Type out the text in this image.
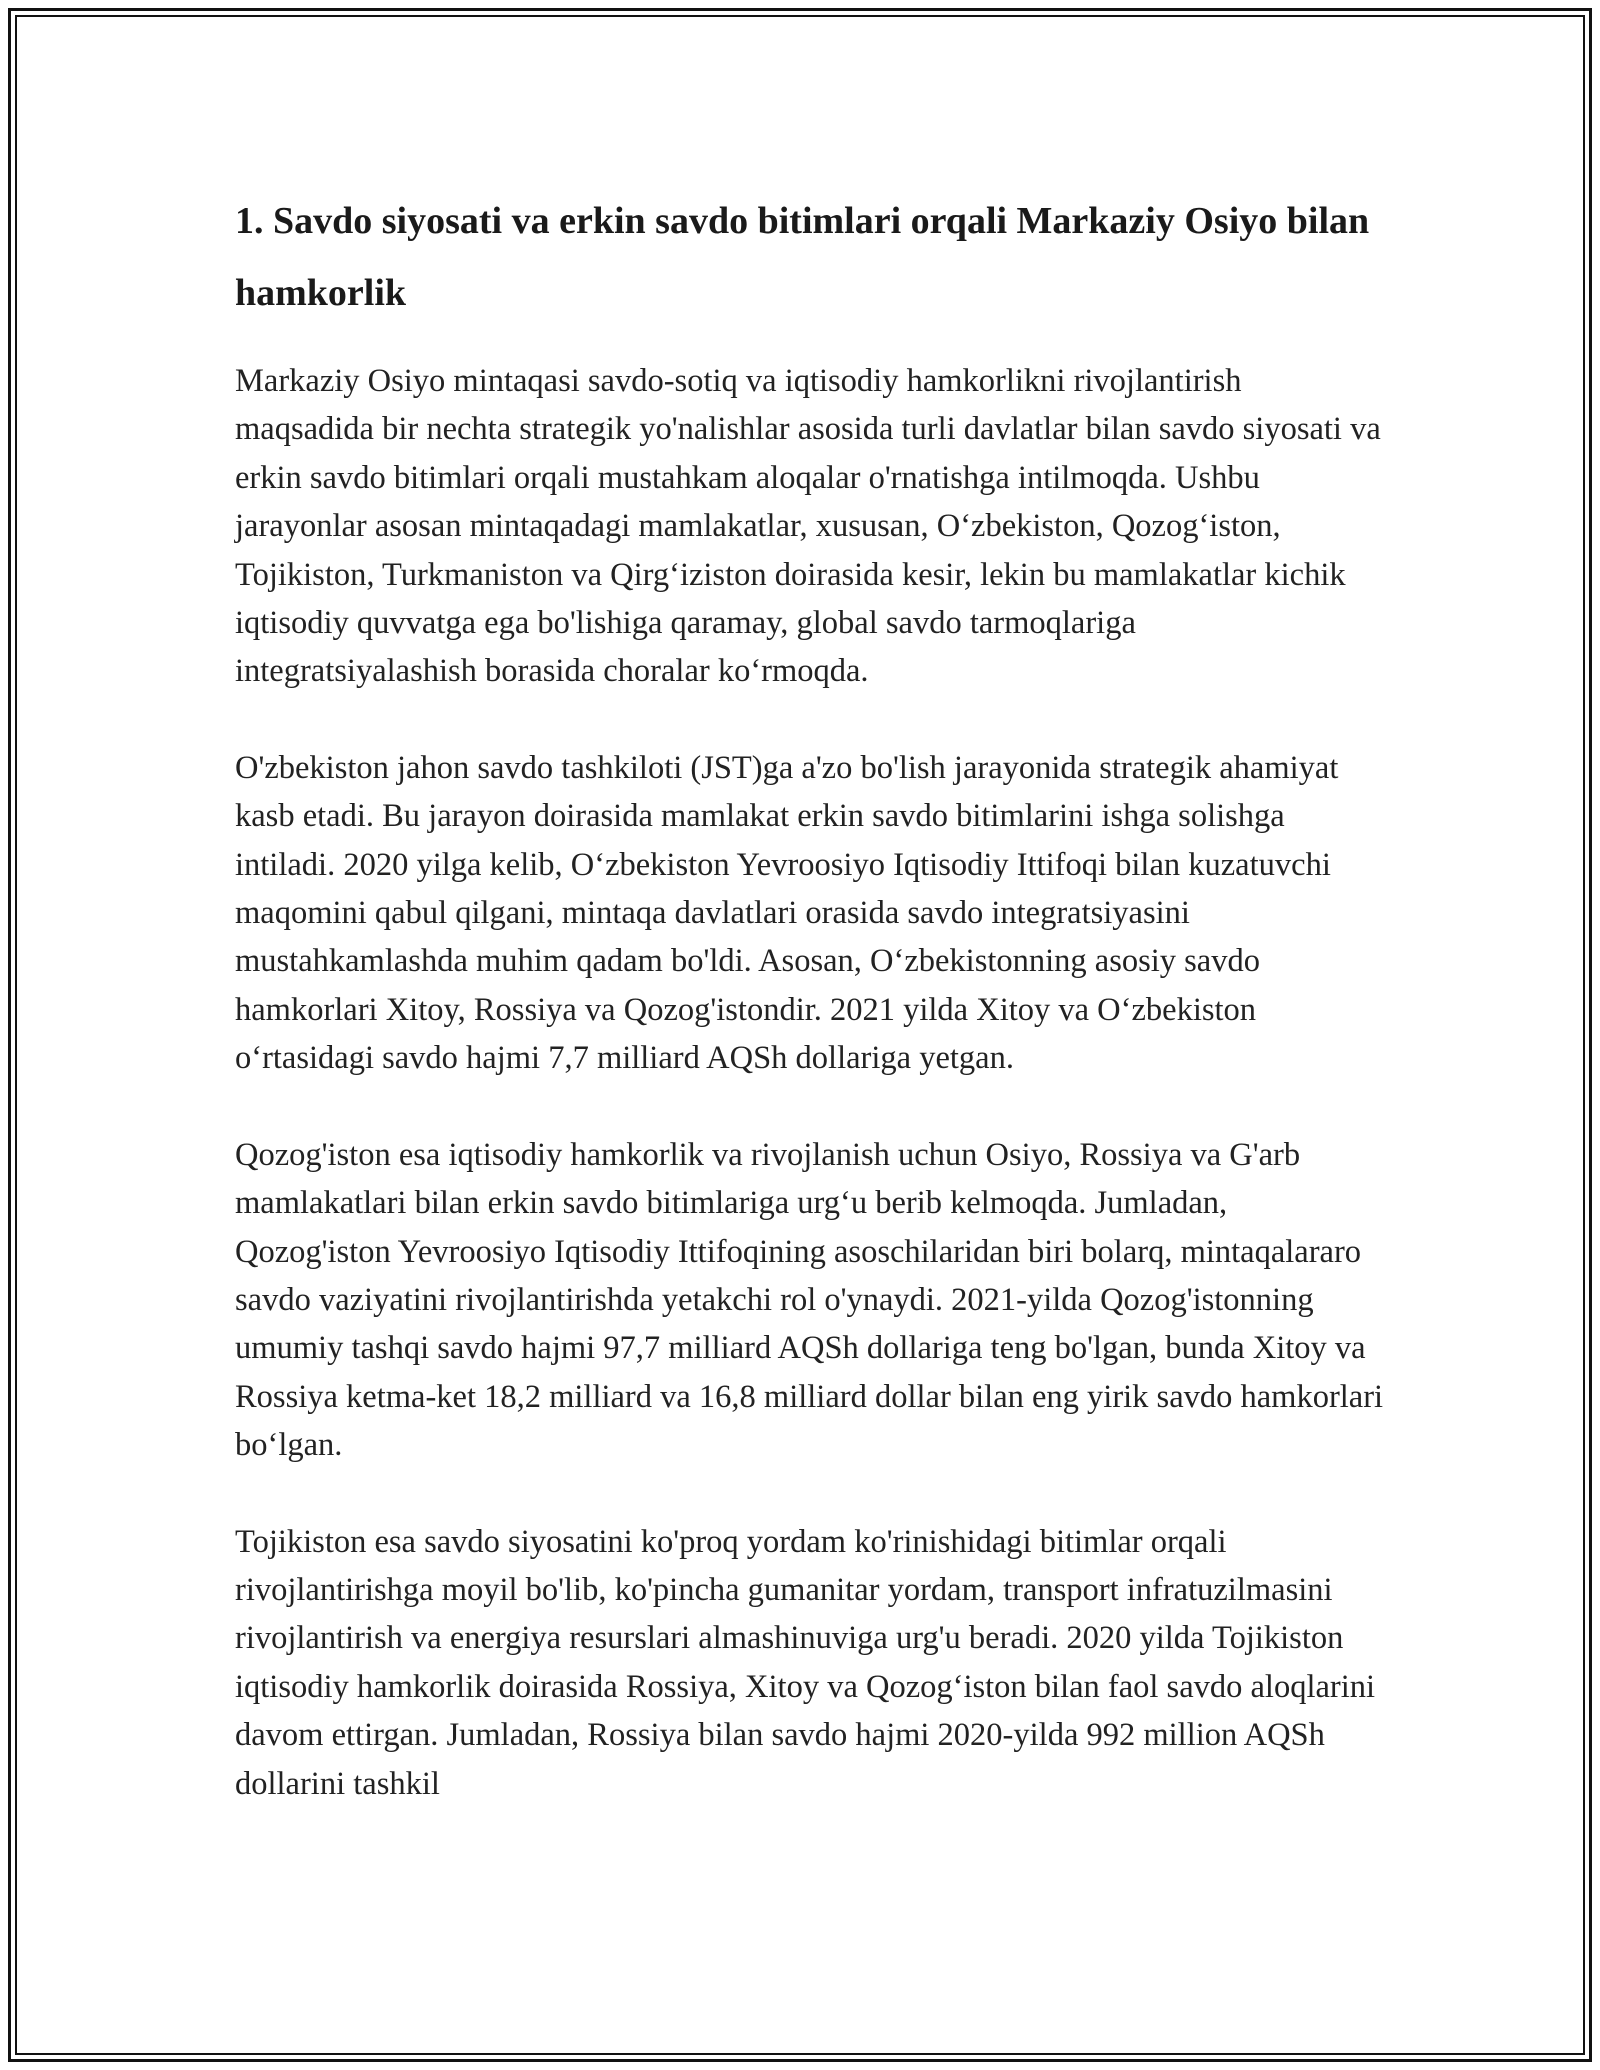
1. Savdo siyosati va erkin savdo bitimlari orqali Markaziy Osiyo bilan hamkorlik

Markaziy Osiyo mintaqasi savdo-sotiq va iqtisodiy hamkorlikni rivojlantirish maqsadida bir nechta strategik yo'nalishlar asosida turli davlatlar bilan savdo siyosati va erkin savdo bitimlari orqali mustahkam aloqalar o'rnatishga intilmoqda. Ushbu jarayonlar asosan mintaqadagi mamlakatlar, xususan, O‘zbekiston, Qozog‘iston, Tojikiston, Turkmaniston va Qirg‘iziston doirasida kesir, lekin bu mamlakatlar kichik iqtisodiy quvvatga ega bo'lishiga qaramay, global savdo tarmoqlariga integratsiyalashish borasida choralar ko‘rmoqda.

O'zbekiston jahon savdo tashkiloti (JST)ga a'zo bo'lish jarayonida strategik ahamiyat kasb etadi. Bu jarayon doirasida mamlakat erkin savdo bitimlarini ishga solishga intiladi. 2020 yilga kelib, O‘zbekiston Yevroosiyo Iqtisodiy Ittifoqi bilan kuzatuvchi maqomini qabul qilgani, mintaqa davlatlari orasida savdo integratsiyasini mustahkamlashda muhim qadam bo'ldi. Asosan, O‘zbekistonning asosiy savdo hamkorlari Xitoy, Rossiya va Qozog'istondir. 2021 yilda Xitoy va O‘zbekiston o‘rtasidagi savdo hajmi 7,7 milliard AQSh dollariga yetgan.

Qozog'iston esa iqtisodiy hamkorlik va rivojlanish uchun Osiyo, Rossiya va G'arb mamlakatlari bilan erkin savdo bitimlariga urg‘u berib kelmoqda. Jumladan, Qozog'iston Yevroosiyo Iqtisodiy Ittifoqining asoschilaridan biri bolarq, mintaqalararo savdo vaziyatini rivojlantirishda yetakchi rol o'ynaydi. 2021-yilda Qozog'istonning umumiy tashqi savdo hajmi 97,7 milliard AQSh dollariga teng bo'lgan, bunda Xitoy va Rossiya ketma-ket 18,2 milliard va 16,8 milliard dollar bilan eng yirik savdo hamkorlari bo‘lgan.

Tojikiston esa savdo siyosatini ko'proq yordam ko'rinishidagi bitimlar orqali rivojlantirishga moyil bo'lib, ko'pincha gumanitar yordam, transport infratuzilmasini rivojlantirish va energiya resurslari almashinuviga urg'u beradi. 2020 yilda Tojikiston iqtisodiy hamkorlik doirasida Rossiya, Xitoy va Qozog‘iston bilan faol savdo aloqlarini davom ettirgan. Jumladan, Rossiya bilan savdo hajmi 2020-yilda 992 million AQSh dollarini tashkil
